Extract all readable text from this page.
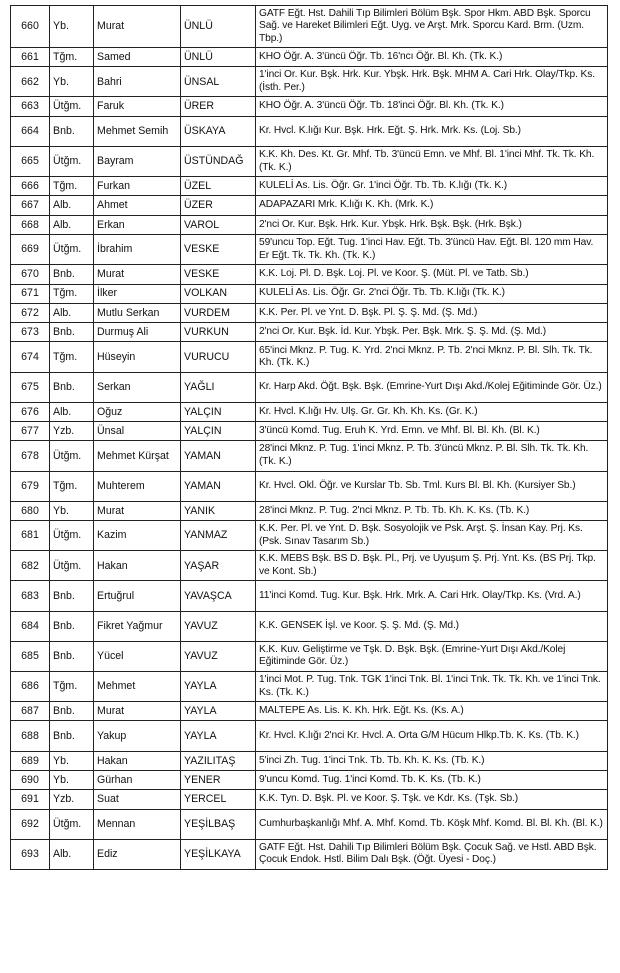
660	Yb.	Murat	ÜNLÜ	GATF Eğt. Hst. Dahili Tıp Bilimleri Bölüm Bşk. Spor Hkm. ABD Bşk. Sporcu Sağ. ve Hareket Bilimleri Eğt. Uyg. ve Arşt. Mrk. Sporcu Kard. Brm. (Uzm. Tbp.)
661	Tğm.	Samed	ÜNLÜ	KHO Öğr. A. 3'üncü Öğr. Tb. 16'ncı Öğr. Bl. Kh. (Tk. K.)
662	Yb.	Bahri	ÜNSAL	1'inci Or. Kur. Bşk. Hrk. Kur. Ybşk. Hrk. Bşk. MHM A. Cari Hrk. Olay/Tkp. Ks. (İsth. Per.)
663	Ütğm.	Faruk	ÜRER	KHO Öğr. A. 3'üncü Öğr. Tb. 18'inci Öğr. Bl. Kh. (Tk. K.)
664	Bnb.	Mehmet Semih	ÜSKAYA	Kr. Hvcl. K.lığı Kur. Bşk. Hrk. Eğt. Ş. Hrk. Mrk. Ks. (Loj. Sb.)
665	Ütğm.	Bayram	ÜSTÜNDAĞ	K.K. Kh. Des. Kt. Gr. Mhf. Tb. 3'üncü Emn. ve Mhf. Bl. 1'inci Mhf. Tk. Tk. Kh. (Tk. K.)
666	Tğm.	Furkan	ÜZEL	KULELİ As. Lis. Öğr. Gr. 1'inci Öğr. Tb. Tb. K.lığı (Tk. K.)
667	Alb.	Ahmet	ÜZER	ADAPAZARI Mrk. K.lığı K. Kh. (Mrk. K.)
668	Alb.	Erkan	VAROL	2'nci Or. Kur. Bşk. Hrk. Kur. Ybşk. Hrk. Bşk. Bşk. (Hrk. Bşk.)
669	Ütğm.	İbrahim	VESKE	59'uncu Top. Eğt. Tug. 1'inci Hav. Eğt. Tb. 3'üncü Hav. Eğt. Bl. 120 mm Hav. Er Eğt. Tk. Tk. Kh. (Tk. K.)
670	Bnb.	Murat	VESKE	K.K. Loj. Pl. D. Bşk. Loj. Pl. ve Koor. Ş. (Müt. Pl. ve Tatb. Sb.)
671	Tğm.	İlker	VOLKAN	KULELİ As. Lis. Öğr. Gr. 2'nci Öğr. Tb. Tb. K.lığı (Tk. K.)
672	Alb.	Mutlu Serkan	VURDEM	K.K. Per. Pl. ve Ynt. D. Bşk. Pl. Ş. Ş. Md. (Ş. Md.)
673	Bnb.	Durmuş Ali	VURKUN	2'nci Or. Kur. Bşk. İd. Kur. Ybşk. Per. Bşk. Mrk. Ş. Ş. Md. (Ş. Md.)
674	Tğm.	Hüseyin	VURUCU	65'inci Mknz. P. Tug. K. Yrd. 2'nci Mknz. P. Tb. 2'nci Mknz. P. Bl. Slh. Tk. Tk. Kh. (Tk. K.)
675	Bnb.	Serkan	YAĞLI	Kr. Harp Akd. Öğt. Bşk. Bşk. (Emrine-Yurt Dışı Akd./Kolej Eğitiminde Gör. Üz.)
676	Alb.	Oğuz	YALÇIN	Kr. Hvcl. K.lığı Hv. Ulş. Gr. Gr. Kh. Kh. Ks. (Gr. K.)
677	Yzb.	Ünsal	YALÇIN	3'üncü Komd. Tug. Eruh K. Yrd. Emn. ve Mhf. Bl. Bl. Kh. (Bl. K.)
678	Ütğm.	Mehmet Kürşat	YAMAN	28'inci Mknz. P. Tug. 1'inci Mknz. P. Tb. 3'üncü Mknz. P. Bl. Slh. Tk. Tk. Kh. (Tk. K.)
679	Tğm.	Muhterem	YAMAN	Kr. Hvcl. Okl. Öğr. ve Kurslar Tb. Sb. Tml. Kurs Bl. Bl. Kh. (Kursiyer Sb.)
680	Yb.	Murat	YANIK	28'inci Mknz. P. Tug. 2'nci Mknz. P. Tb. Tb. Kh. K. Ks. (Tb. K.)
681	Ütğm.	Kazim	YANMAZ	K.K. Per. Pl. ve Ynt. D. Bşk. Sosyolojik ve Psk. Arşt. Ş. İnsan Kay. Prj. Ks. (Psk. Sınav Tasarım Sb.)
682	Ütğm.	Hakan	YAŞAR	K.K. MEBS Bşk. BS D. Bşk. Pl., Prj. ve Uyuşum Ş. Prj. Ynt. Ks. (BS Prj. Tkp. ve Kont. Sb.)
683	Bnb.	Ertuğrul	YAVAŞCA	11'inci Komd. Tug. Kur. Bşk. Hrk. Mrk. A. Cari Hrk. Olay/Tkp. Ks. (Vrd. A.)
684	Bnb.	Fikret Yağmur	YAVUZ	K.K. GENSEK İşl. ve Koor. Ş. Ş. Md. (Ş. Md.)
685	Bnb.	Yücel	YAVUZ	K.K. Kuv. Geliştirme ve Tşk. D. Bşk. Bşk. (Emrine-Yurt Dışı Akd./Kolej Eğitiminde Gör. Üz.)
686	Tğm.	Mehmet	YAYLA	1'inci Mot. P. Tug. Tnk. TGK 1'inci Tnk. Bl. 1'inci Tnk. Tk. Tk. Kh. ve 1'inci Tnk. Ks. (Tk. K.)
687	Bnb.	Murat	YAYLA	MALTEPE As. Lis. K. Kh. Hrk. Eğt. Ks. (Ks. A.)
688	Bnb.	Yakup	YAYLA	Kr. Hvcl. K.lığı 2'nci Kr. Hvcl. A. Orta G/M Hücum Hlkp.Tb. K. Ks. (Tb. K.)
689	Yb.	Hakan	YAZILITAŞ	5'inci Zh. Tug. 1'inci Tnk. Tb. Tb. Kh. K. Ks. (Tb. K.)
690	Yb.	Gürhan	YENER	9'uncu Komd. Tug. 1'inci Komd. Tb. K. Ks. (Tb. K.)
691	Yzb.	Suat	YERCEL	K.K. Tyn. D. Bşk. Pl. ve Koor. Ş. Tşk. ve Kdr. Ks. (Tşk. Sb.)
692	Ütğm.	Mennan	YEŞİLBAŞ	Cumhurbaşkanlığı Mhf. A. Mhf. Komd. Tb. Köşk Mhf. Komd. Bl. Bl. Kh. (Bl. K.)
693	Alb.	Ediz	YEŞİLKAYA	GATF Eğt. Hst. Dahili Tıp Bilimleri Bölüm Bşk. Çocuk Sağ. ve Hstl. ABD Bşk. Çocuk Endok. Hstl. Bilim Dalı Bşk. (Öğt. Üyesi - Doç.)
